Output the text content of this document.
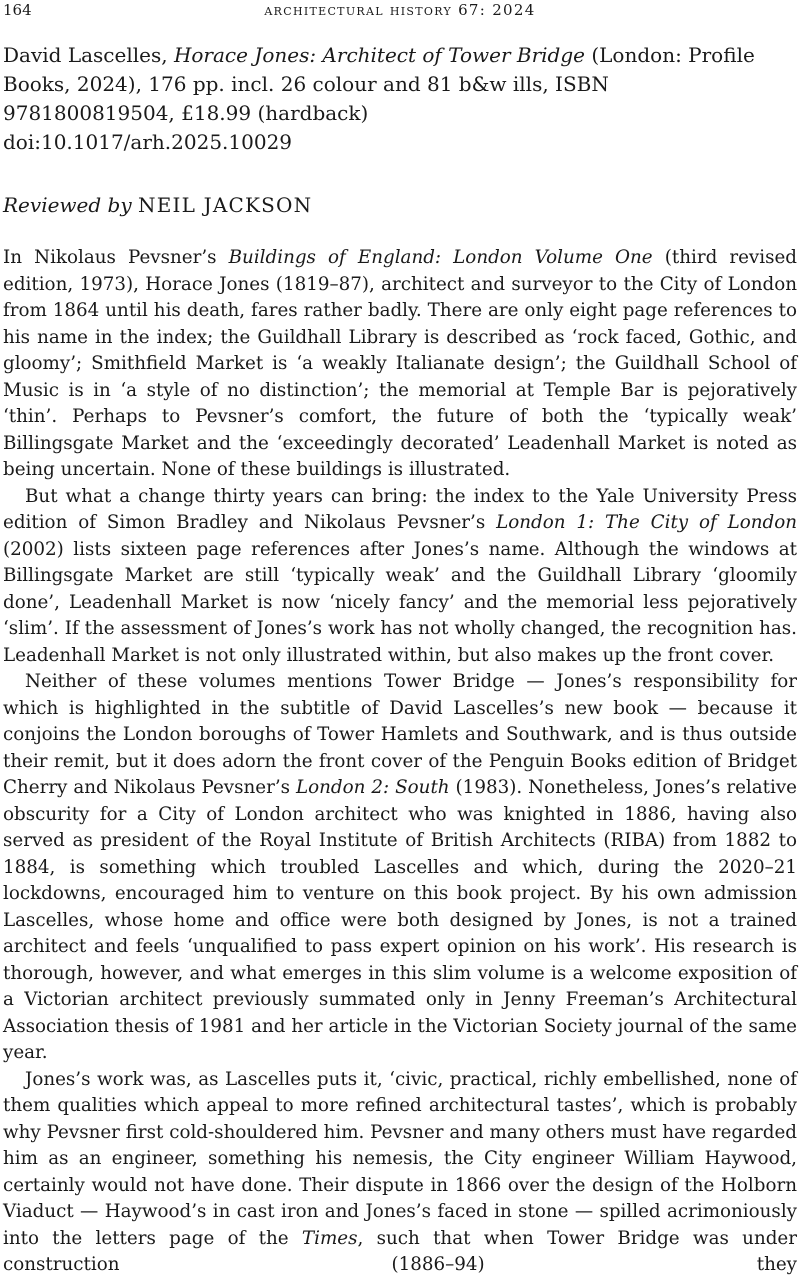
164	architectural history 67: 2024
David Lascelles, Horace Jones: Architect of Tower Bridge (London: Profile Books, 2024), 176 pp. incl. 26 colour and 81 b&w ills, ISBN 9781800819504, £18.99 (hardback)
doi:10.1017/arh.2025.10029
Reviewed by NEIL JACKSON

In Nikolaus Pevsner’s Buildings of England: London Volume One (third revised edition, 1973), Horace Jones (1819–87), architect and surveyor to the City of London from 1864 until his death, fares rather badly. There are only eight page references to his name in the index; the Guildhall Library is described as ‘rock faced, Gothic, and gloomy’; Smithfield Market is ‘a weakly Italianate design’; the Guildhall School of Music is in ‘a style of no distinction’; the memorial at Temple Bar is pejoratively ‘thin’. Perhaps to Pevsner’s comfort, the future of both the ‘typically weak’ Billingsgate Market and the ‘exceedingly decorated’ Leadenhall Market is noted as being uncertain. None of these buildings is illustrated.

But what a change thirty years can bring: the index to the Yale University Press edition of Simon Bradley and Nikolaus Pevsner’s London 1: The City of London (2002) lists sixteen page references after Jones’s name. Although the windows at Billingsgate Market are still ‘typically weak’ and the Guildhall Library ‘gloomily done’, Leadenhall Market is now ‘nicely fancy’ and the memorial less pejoratively ‘slim’. If the assessment of Jones’s work has not wholly changed, the recognition has. Leadenhall Market is not only illustrated within, but also makes up the front cover.

Neither of these volumes mentions Tower Bridge — Jones’s responsibility for which is highlighted in the subtitle of David Lascelles’s new book — because it conjoins the London boroughs of Tower Hamlets and Southwark, and is thus outside their remit, but it does adorn the front cover of the Penguin Books edition of Bridget Cherry and Nikolaus Pevsner’s London 2: South (1983). Nonetheless, Jones’s relative obscurity for a City of London architect who was knighted in 1886, having also served as president of the Royal Institute of British Architects (RIBA) from 1882 to 1884, is something which troubled Lascelles and which, during the 2020–21 lockdowns, encouraged him to venture on this book project. By his own admission Lascelles, whose home and office were both designed by Jones, is not a trained architect and feels ‘unqualified to pass expert opinion on his work’. His research is thorough, however, and what emerges in this slim volume is a welcome exposition of a Victorian architect previously summated only in Jenny Freeman’s Architectural Association thesis of 1981 and her article in the Victorian Society journal of the same year.

Jones’s work was, as Lascelles puts it, ‘civic, practical, richly embellished, none of them qualities which appeal to more refined architectural tastes’, which is probably why Pevsner first cold-shouldered him. Pevsner and many others must have regarded him as an engineer, something his nemesis, the City engineer William Haywood, certainly would not have done. Their dispute in 1866 over the design of the Holborn Viaduct — Haywood’s in cast iron and Jones’s faced in stone — spilled acrimoniously into the letters page of the Times, such that when Tower Bridge was under construction (1886–94) they
